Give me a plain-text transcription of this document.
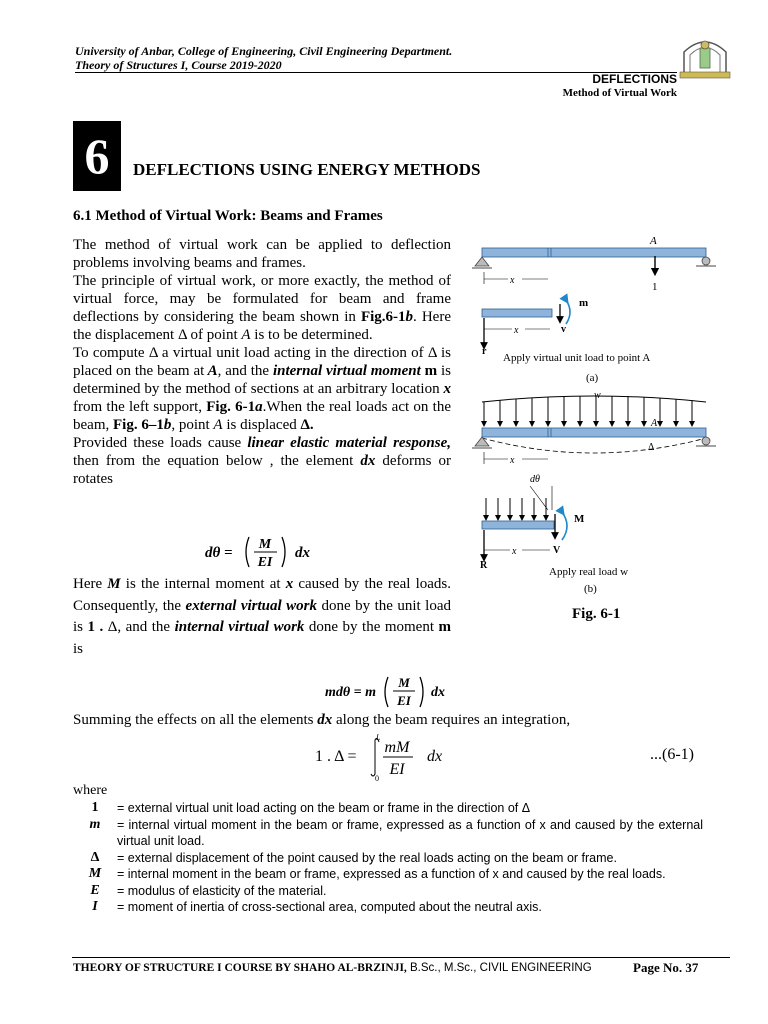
University of Anbar, College of Engineering, Civil Engineering Department.
Theory of Structures I, Course 2019-2020
DEFLECTIONS
Method of Virtual Work
6	DEFLECTIONS USING ENERGY METHODS
6.1 Method of Virtual Work: Beams and Frames

The method of virtual work can be applied to deflection problems involving beams and frames.

The principle of virtual work, or more exactly, the method of virtual force, may be formulated for beam and frame deflections by considering the beam shown in Fig.6-1b. Here the displacement Δ of point A is to be determined.

To compute Δ a virtual unit load acting in the direction of Δ is placed on the beam at A, and the internal virtual moment m is determined by the method of sections at an arbitrary location x from the left support, Fig. 6-1a.When the real loads act on the beam, Fig. 6–1b, point A is displaced Δ.

Provided these loads cause linear elastic material response, then from the equation below , the element dx deforms or rotates

dθ =
M
EI
dx

Here M is the internal moment at x caused by the real loads. Consequently, the external virtual work done by the unit load is 1 . Δ, and the internal virtual work done by the moment m is

mdθ = m
M
EI
dx
Summing the effects on all the elements dx along the beam requires an integration,
1 . Δ =
L
0
mM
EI
dx	...(6-1)
where
1	= external virtual unit load acting on the beam or frame in the direction of Δ
m	= internal virtual moment in the beam or frame, expressed as a function of x and caused by the external virtual unit load.
Δ	= external displacement of the point caused by the real loads acting on the beam or frame.
M	= internal moment in the beam or frame, expressed as a function of x and caused by the real loads.
E	= modulus of elasticity of the material.
I	= moment of inertia of cross-sectional area, computed about the neutral axis.
A
1
x
r
v
m
x
Apply virtual unit load to point A
(a)
w
A
Δ
x
dθ
R
V
M
x
Apply real load w
(b)
Fig. 6-1
THEORY OF STRUCTURE I COURSE BY SHAHO AL-BRZINJI, B.Sc., M.Sc., CIVIL ENGINEERING	Page No. 37
